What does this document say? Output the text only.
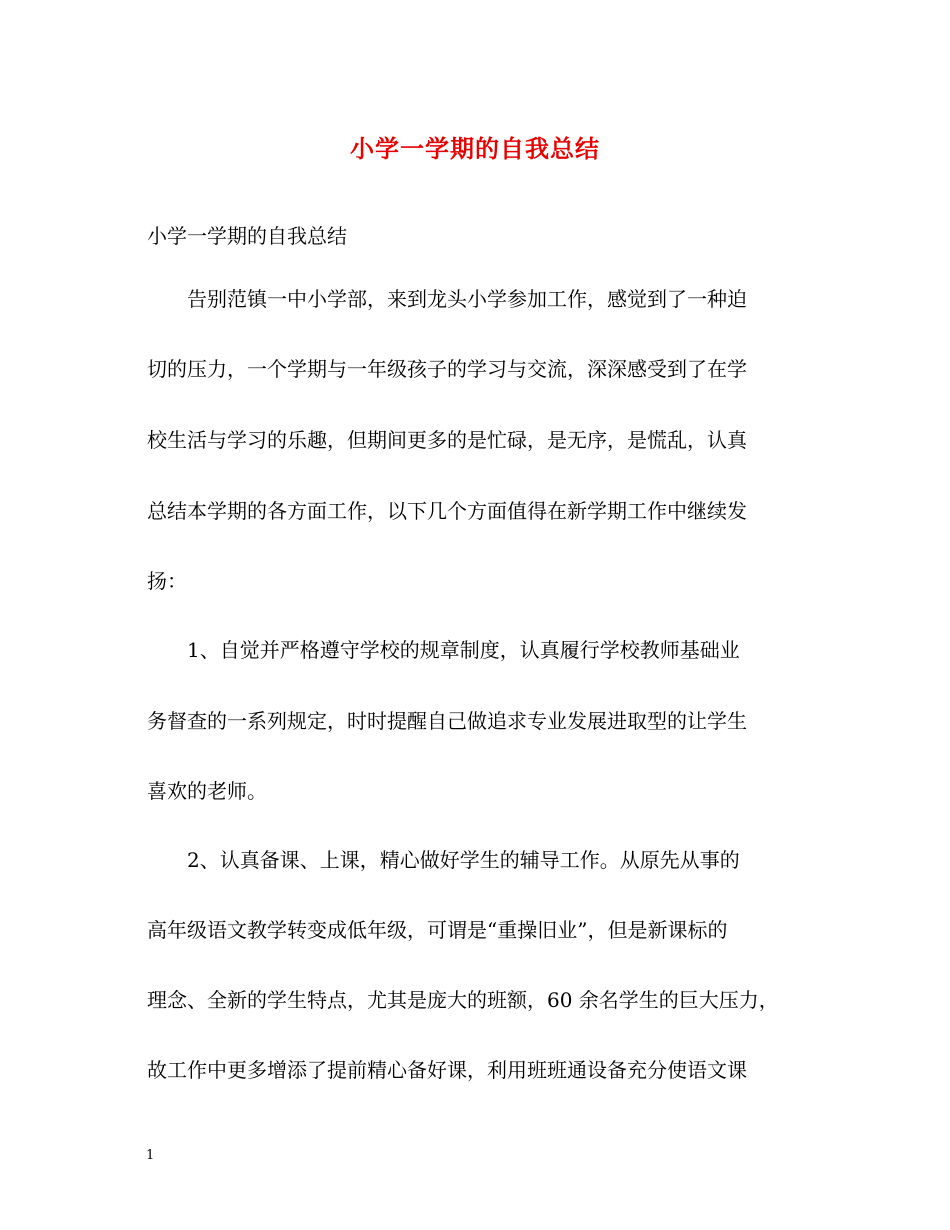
小学一学期的自我总结
小学一学期的自我总结
　　告别范镇一中小学部，来到龙头小学参加工作，感觉到了一种迫
切的压力，一个学期与一年级孩子的学习与交流，深深感受到了在学
校生活与学习的乐趣，但期间更多的是忙碌，是无序，是慌乱，认真
总结本学期的各方面工作，以下几个方面值得在新学期工作中继续发
扬：
　　1、自觉并严格遵守学校的规章制度，认真履行学校教师基础业
务督查的一系列规定，时时提醒自己做追求专业发展进取型的让学生
喜欢的老师。
　　2、认真备课、上课，精心做好学生的辅导工作。从原先从事的
高年级语文教学转变成低年级，可谓是“重操旧业”，但是新课标的
理念、全新的学生特点，尤其是庞大的班额，60 余名学生的巨大压力，
故工作中更多增添了提前精心备好课，利用班班通设备充分使语文课
1
